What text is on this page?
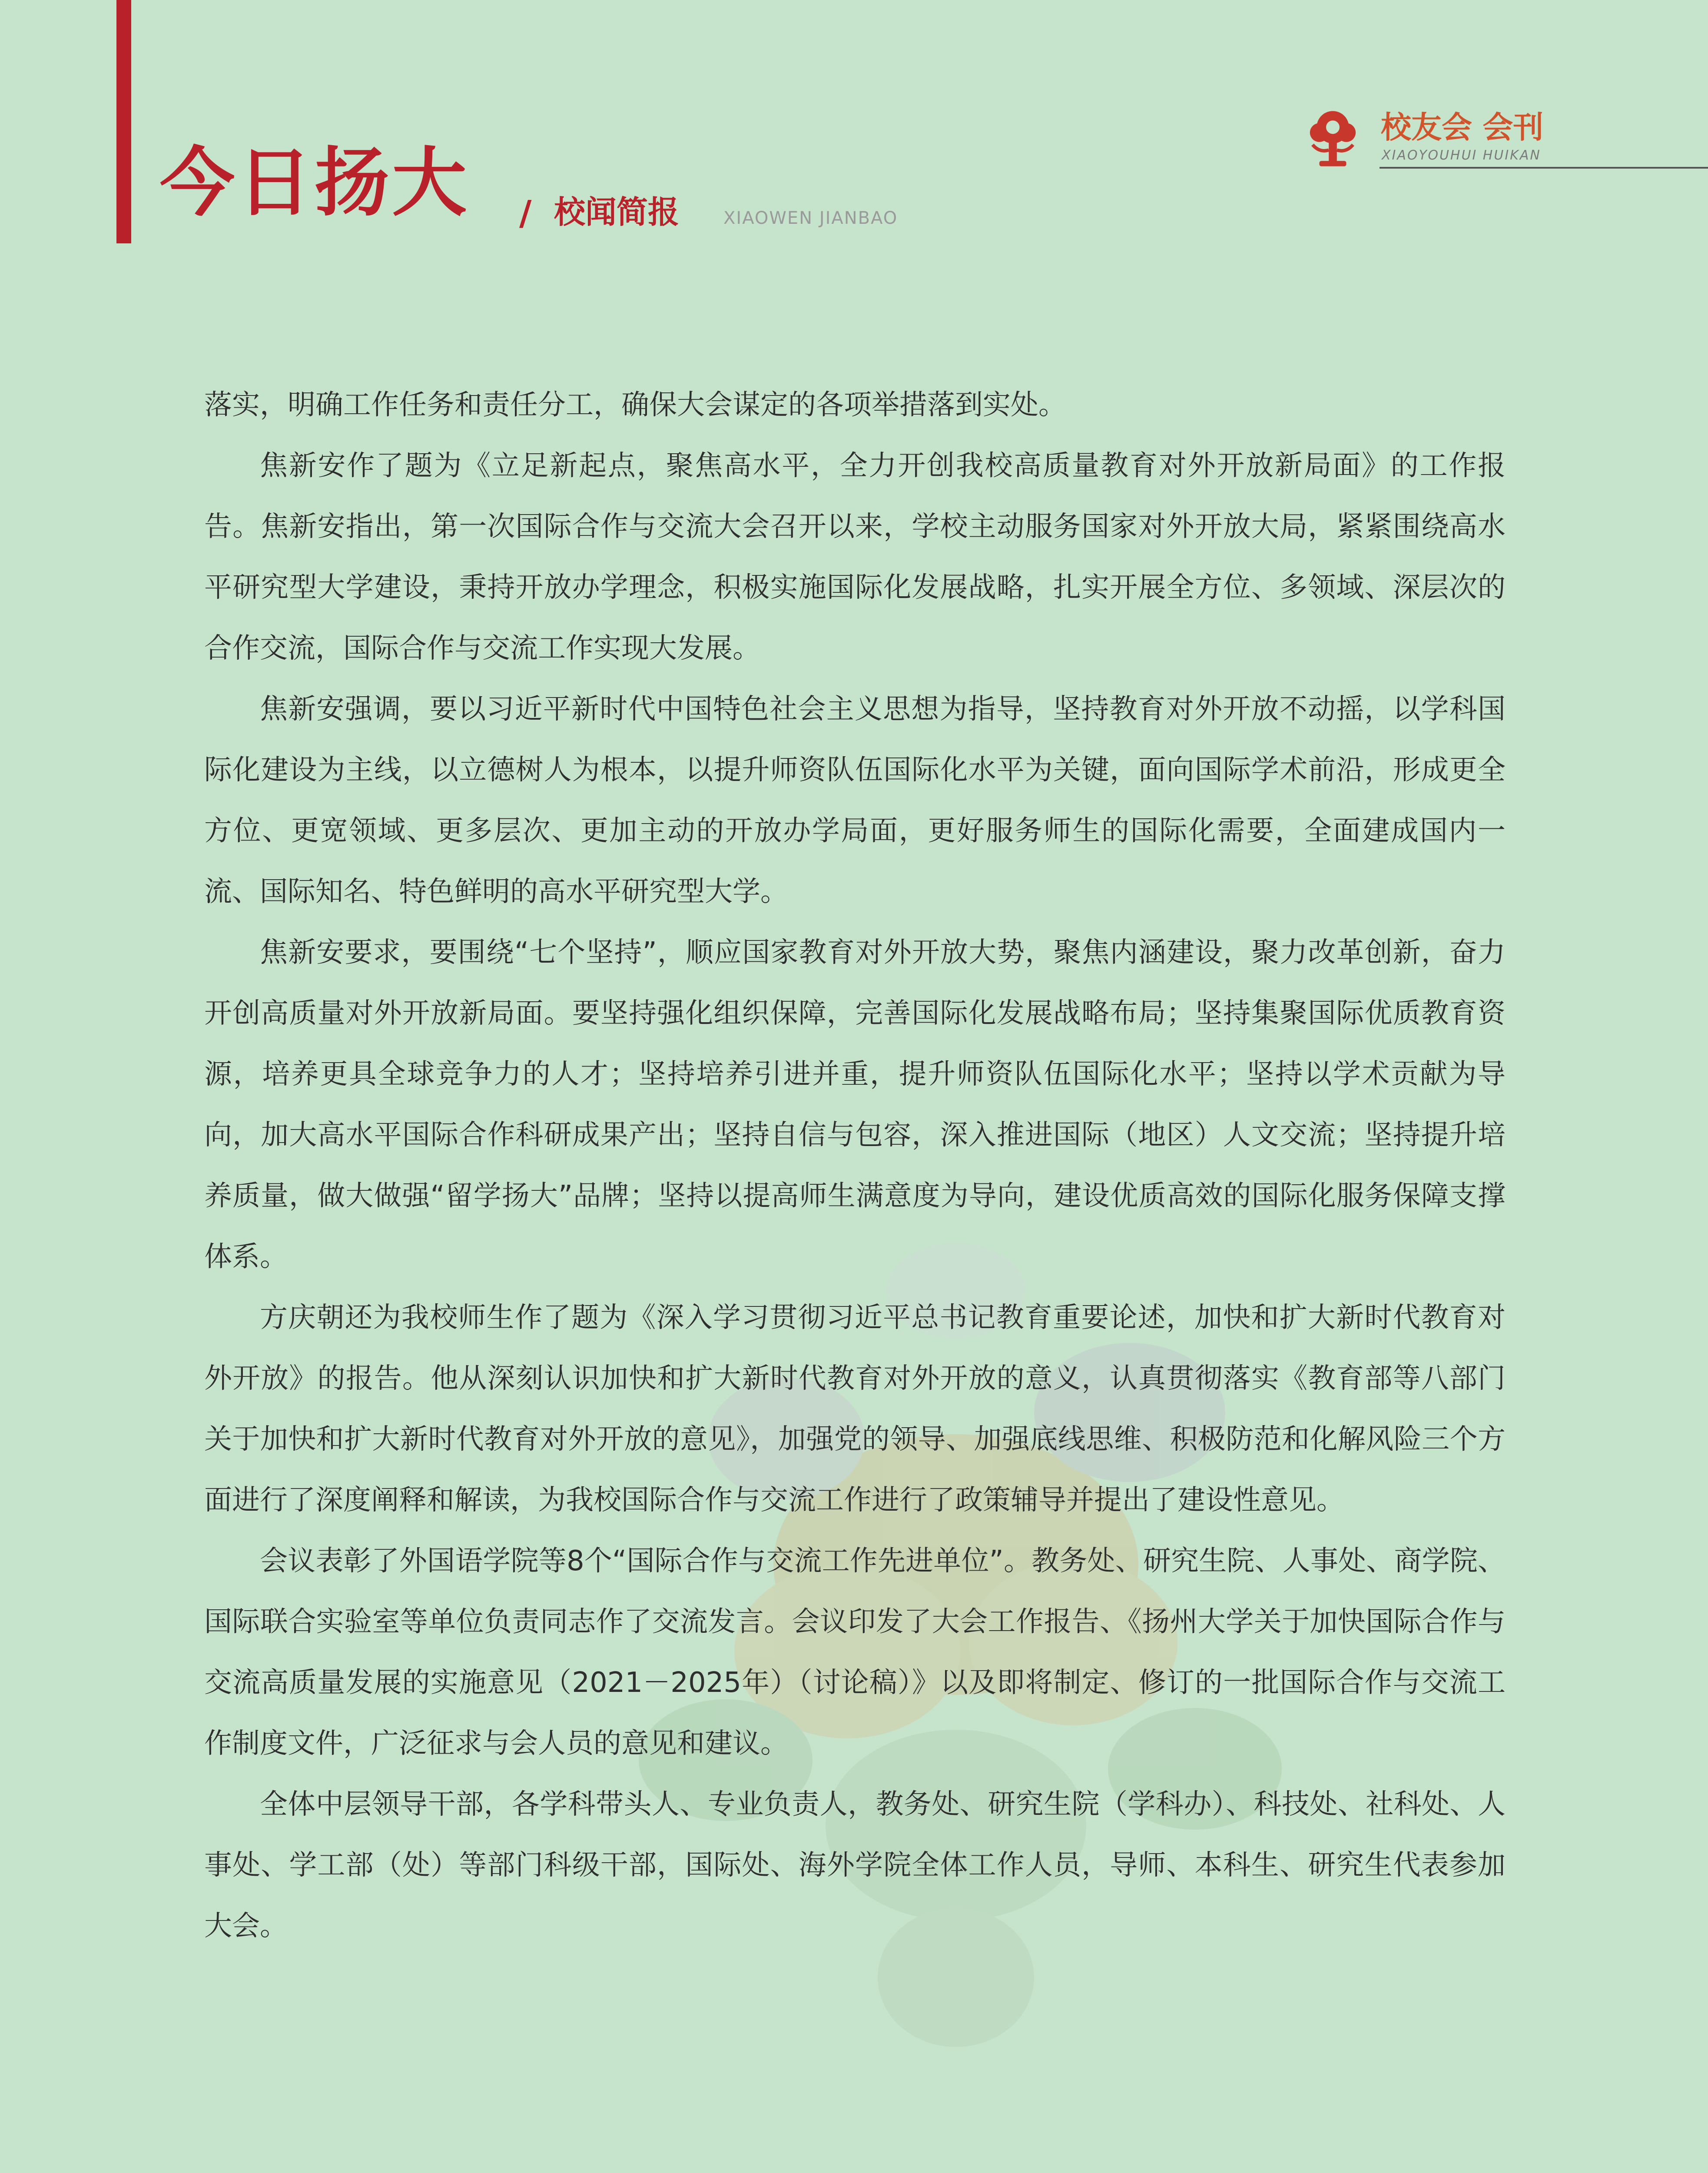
今日扬大 / 校闻简报	XIAOWEN JIANBAO
校友会 会刊
XIAOYOUHUI HUIKAN

落实，明确工作任务和责任分工，确保大会谋定的各项举措落到实处。

焦新安作了题为《立足新起点，聚焦高水平，全力开创我校高质量教育对外开放新局面》的工作报告。焦新安指出，第一次国际合作与交流大会召开以来，学校主动服务国家对外开放大局，紧紧围绕高水平研究型大学建设，秉持开放办学理念，积极实施国际化发展战略，扎实开展全方位、多领域、深层次的合作交流，国际合作与交流工作实现大发展。

焦新安强调，要以习近平新时代中国特色社会主义思想为指导，坚持教育对外开放不动摇，以学科国际化建设为主线，以立德树人为根本，以提升师资队伍国际化水平为关键，面向国际学术前沿，形成更全方位、更宽领域、更多层次、更加主动的开放办学局面，更好服务师生的国际化需要，全面建成国内一流、国际知名、特色鲜明的高水平研究型大学。

焦新安要求，要围绕“七个坚持”，顺应国家教育对外开放大势，聚焦内涵建设，聚力改革创新，奋力开创高质量对外开放新局面。要坚持强化组织保障，完善国际化发展战略布局；坚持集聚国际优质教育资源，培养更具全球竞争力的人才；坚持培养引进并重，提升师资队伍国际化水平；坚持以学术贡献为导向，加大高水平国际合作科研成果产出；坚持自信与包容，深入推进国际（地区）人文交流；坚持提升培养质量，做大做强“留学扬大”品牌；坚持以提高师生满意度为导向，建设优质高效的国际化服务保障支撑体系。

方庆朝还为我校师生作了题为《深入学习贯彻习近平总书记教育重要论述，加快和扩大新时代教育对外开放》的报告。他从深刻认识加快和扩大新时代教育对外开放的意义，认真贯彻落实《教育部等八部门关于加快和扩大新时代教育对外开放的意见》，加强党的领导、加强底线思维、积极防范和化解风险三个方面进行了深度阐释和解读，为我校国际合作与交流工作进行了政策辅导并提出了建设性意见。

会议表彰了外国语学院等8个“国际合作与交流工作先进单位”。教务处、研究生院、人事处、商学院、国际联合实验室等单位负责同志作了交流发言。会议印发了大会工作报告、《扬州大学关于加快国际合作与交流高质量发展的实施意见（2021－2025年）（讨论稿）》以及即将制定、修订的一批国际合作与交流工作制度文件，广泛征求与会人员的意见和建议。

全体中层领导干部，各学科带头人、专业负责人，教务处、研究生院（学科办）、科技处、社科处、人事处、学工部（处）等部门科级干部，国际处、海外学院全体工作人员，导师、本科生、研究生代表参加大会。
